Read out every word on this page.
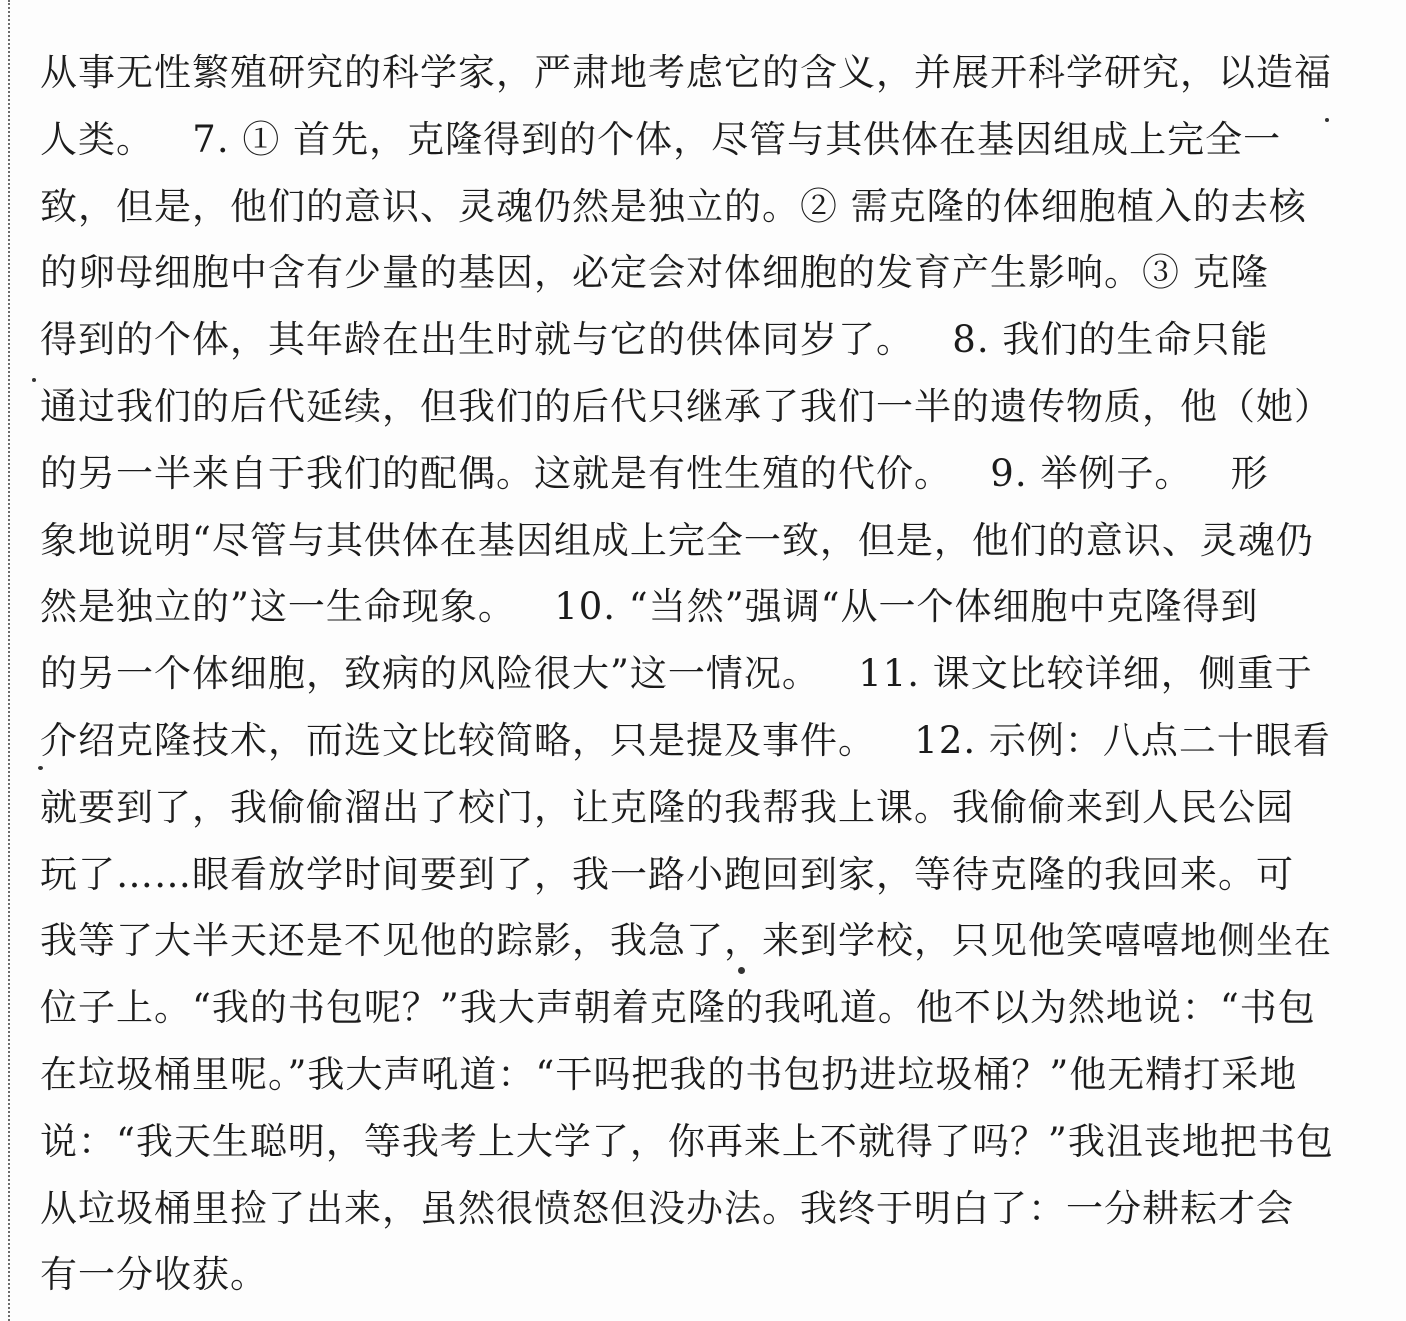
从事无性繁殖研究的科学家，严肃地考虑它的含义，并展开科学研究，以造福
人类。   7. ① 首先，克隆得到的个体，尽管与其供体在基因组成上完全一
致，但是，他们的意识、灵魂仍然是独立的。② 需克隆的体细胞植入的去核
的卵母细胞中含有少量的基因，必定会对体细胞的发育产生影响。③ 克隆
得到的个体，其年龄在出生时就与它的供体同岁了。   8. 我们的生命只能
通过我们的后代延续，但我们的后代只继承了我们一半的遗传物质，他（她）
的另一半来自于我们的配偶。这就是有性生殖的代价。   9. 举例子。   形
象地说明“尽管与其供体在基因组成上完全一致，但是，他们的意识、灵魂仍
然是独立的”这一生命现象。   10. “当然”强调“从一个体细胞中克隆得到
的另一个体细胞，致病的风险很大”这一情况。   11. 课文比较详细，侧重于
介绍克隆技术，而选文比较简略，只是提及事件。   12. 示例：八点二十眼看
就要到了，我偷偷溜出了校门，让克隆的我帮我上课。我偷偷来到人民公园
玩了……眼看放学时间要到了，我一路小跑回到家，等待克隆的我回来。可
我等了大半天还是不见他的踪影，我急了，来到学校，只见他笑嘻嘻地侧坐在
位子上。“我的书包呢？”我大声朝着克隆的我吼道。他不以为然地说：“书包
在垃圾桶里呢。”我大声吼道：“干吗把我的书包扔进垃圾桶？”他无精打采地
说：“我天生聪明，等我考上大学了，你再来上不就得了吗？”我沮丧地把书包
从垃圾桶里捡了出来，虽然很愤怒但没办法。我终于明白了：一分耕耘才会
有一分收获。
